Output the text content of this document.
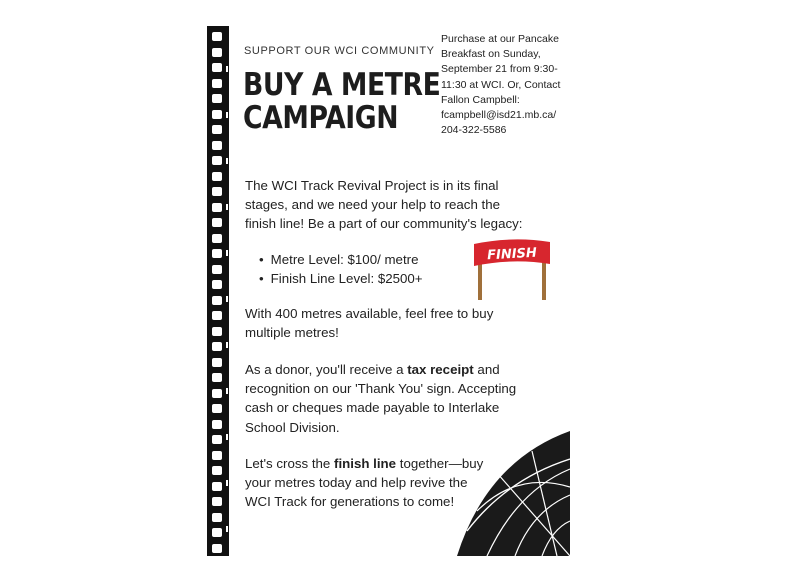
SUPPORT OUR WCI COMMUNITY
BUY A METRE
CAMPAIGN
Purchase at our Pancake Breakfast on Sunday, September 21 from 9:30-11:30 at WCI. Or, Contact Fallon Campbell: fcampbell@isd21.mb.ca/ 204-322-5586
The WCI Track Revival Project is in its final stages, and we need your help to reach the finish line! Be a part of our community's legacy:
• Metre Level: $100/ metre
• Finish Line Level: $2500+
With 400 metres available, feel free to buy multiple metres!
As a donor, you'll receive a tax receipt and recognition on our 'Thank You' sign. Accepting cash or cheques made payable to Interlake School Division.
Let's cross the finish line together—buy your metres today and help revive the WCI Track for generations to come!
FINISH
